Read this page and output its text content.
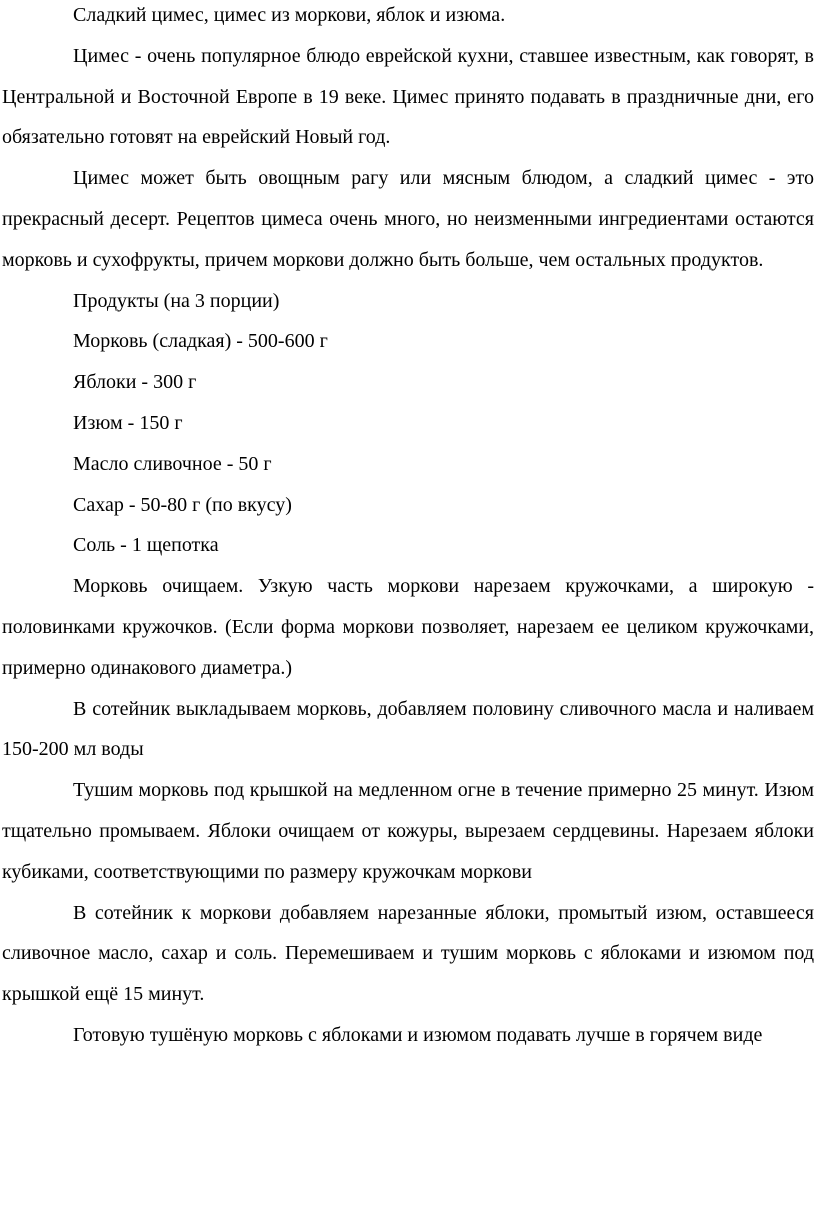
Сладкий цимес, цимес из моркови, яблок и изюма.

Цимес - очень популярное блюдо еврейской кухни, ставшее известным, как говорят, в Центральной и Восточной Европе в 19 веке. Цимес принято подавать в праздничные дни, его обязательно готовят на еврейский Новый год.

Цимес может быть овощным рагу или мясным блюдом, а сладкий цимес - это прекрасный десерт. Рецептов цимеса очень много, но неизменными ингредиентами остаются морковь и сухофрукты, причем моркови должно быть больше, чем остальных продуктов.

Продукты (на 3 порции)

Морковь (сладкая) - 500-600 г

Яблоки - 300 г

Изюм - 150 г

Масло сливочное - 50 г

Сахар - 50-80 г (по вкусу)

Соль - 1 щепотка

Морковь очищаем. Узкую часть моркови нарезаем кружочками, а широкую - половинками кружочков. (Если форма моркови позволяет, нарезаем ее целиком кружочками, примерно одинакового диаметра.)

В сотейник выкладываем морковь, добавляем половину сливочного масла и наливаем 150-200 мл воды

Тушим морковь под крышкой на медленном огне в течение примерно 25 минут. Изюм тщательно промываем. Яблоки очищаем от кожуры, вырезаем сердцевины. Нарезаем яблоки кубиками, соответствующими по размеру кружочкам моркови

В сотейник к моркови добавляем нарезанные яблоки, промытый изюм, оставшееся сливочное масло, сахар и соль. Перемешиваем и тушим морковь с яблоками и изюмом под крышкой ещё 15 минут.

Готовую тушёную морковь с яблоками и изюмом подавать лучше в горячем виде
